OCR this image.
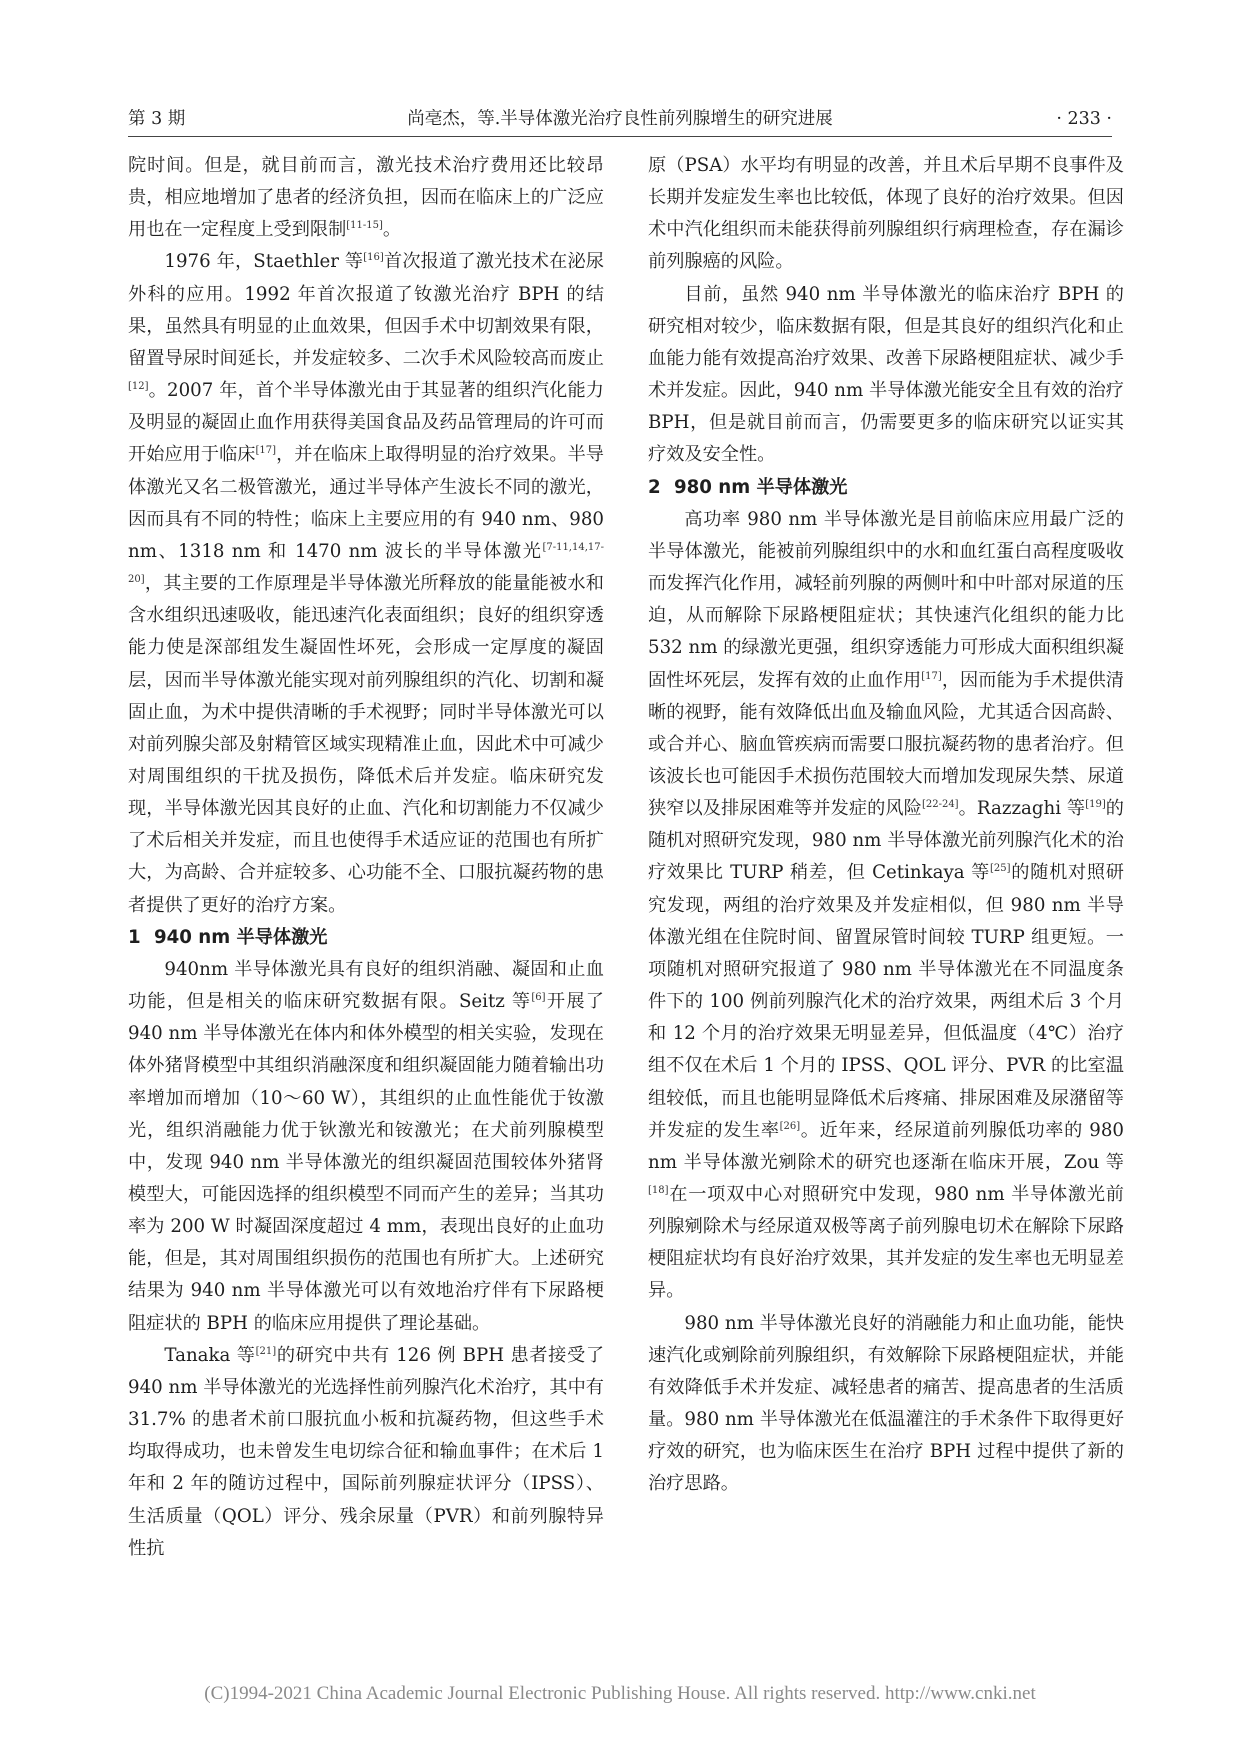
第 3 期	尚亳杰，等.半导体激光治疗良性前列腺增生的研究进展	· 233 ·

院时间。但是，就目前而言，激光技术治疗费用还比较昂贵，相应地增加了患者的经济负担，因而在临床上的广泛应用也在一定程度上受到限制[11-15]。

1976 年，Staethler 等[16]首次报道了激光技术在泌尿外科的应用。1992 年首次报道了钕激光治疗 BPH 的结果，虽然具有明显的止血效果，但因手术中切割效果有限，留置导尿时间延长，并发症较多、二次手术风险较高而废止[12]。2007 年，首个半导体激光由于其显著的组织汽化能力及明显的凝固止血作用获得美国食品及药品管理局的许可而开始应用于临床[17]，并在临床上取得明显的治疗效果。半导体激光又名二极管激光，通过半导体产生波长不同的激光，因而具有不同的特性；临床上主要应用的有 940 nm、980 nm、1318 nm 和 1470 nm 波长的半导体激光[7-11,14,17-20]，其主要的工作原理是半导体激光所释放的能量能被水和含水组织迅速吸收，能迅速汽化表面组织；良好的组织穿透能力使是深部组发生凝固性坏死，会形成一定厚度的凝固层，因而半导体激光能实现对前列腺组织的汽化、切割和凝固止血，为术中提供清晰的手术视野；同时半导体激光可以对前列腺尖部及射精管区域实现精准止血，因此术中可减少对周围组织的干扰及损伤，降低术后并发症。临床研究发现，半导体激光因其良好的止血、汽化和切割能力不仅减少了术后相关并发症，而且也使得手术适应证的范围也有所扩大，为高龄、合并症较多、心功能不全、口服抗凝药物的患者提供了更好的治疗方案。

1 940 nm 半导体激光

940nm 半导体激光具有良好的组织消融、凝固和止血功能，但是相关的临床研究数据有限。Seitz 等[6]开展了 940 nm 半导体激光在体内和体外模型的相关实验，发现在体外猪肾模型中其组织消融深度和组织凝固能力随着输出功率增加而增加（10～60 W），其组织的止血性能优于钕激光，组织消融能力优于钬激光和铵激光；在犬前列腺模型中，发现 940 nm 半导体激光的组织凝固范围较体外猪肾模型大，可能因选择的组织模型不同而产生的差异；当其功率为 200 W 时凝固深度超过 4 mm，表现出良好的止血功能，但是，其对周围组织损伤的范围也有所扩大。上述研究结果为 940 nm 半导体激光可以有效地治疗伴有下尿路梗阻症状的 BPH 的临床应用提供了理论基础。

Tanaka 等[21]的研究中共有 126 例 BPH 患者接受了 940 nm 半导体激光的光选择性前列腺汽化术治疗，其中有 31.7% 的患者术前口服抗血小板和抗凝药物，但这些手术均取得成功，也未曾发生电切综合征和输血事件；在术后 1 年和 2 年的随访过程中，国际前列腺症状评分（IPSS）、生活质量（QOL）评分、残余尿量（PVR）和前列腺特异性抗

原（PSA）水平均有明显的改善，并且术后早期不良事件及长期并发症发生率也比较低，体现了良好的治疗效果。但因术中汽化组织而未能获得前列腺组织行病理检查，存在漏诊前列腺癌的风险。

目前，虽然 940 nm 半导体激光的临床治疗 BPH 的研究相对较少，临床数据有限，但是其良好的组织汽化和止血能力能有效提高治疗效果、改善下尿路梗阻症状、减少手术并发症。因此，940 nm 半导体激光能安全且有效的治疗 BPH，但是就目前而言，仍需要更多的临床研究以证实其疗效及安全性。

2 980 nm 半导体激光

高功率 980 nm 半导体激光是目前临床应用最广泛的半导体激光，能被前列腺组织中的水和血红蛋白高程度吸收而发挥汽化作用，减轻前列腺的两侧叶和中叶部对尿道的压迫，从而解除下尿路梗阻症状；其快速汽化组织的能力比 532 nm 的绿激光更强，组织穿透能力可形成大面积组织凝固性坏死层，发挥有效的止血作用[17]，因而能为手术提供清晰的视野，能有效降低出血及输血风险，尤其适合因高龄、或合并心、脑血管疾病而需要口服抗凝药物的患者治疗。但该波长也可能因手术损伤范围较大而增加发现尿失禁、尿道狭窄以及排尿困难等并发症的风险[22-24]。Razzaghi 等[19]的随机对照研究发现，980 nm 半导体激光前列腺汽化术的治疗效果比 TURP 稍差，但 Cetinkaya 等[25]的随机对照研究发现，两组的治疗效果及并发症相似，但 980 nm 半导体激光组在住院时间、留置尿管时间较 TURP 组更短。一项随机对照研究报道了 980 nm 半导体激光在不同温度条件下的 100 例前列腺汽化术的治疗效果，两组术后 3 个月和 12 个月的治疗效果无明显差异，但低温度（4℃）治疗组不仅在术后 1 个月的 IPSS、QOL 评分、PVR 的比室温组较低，而且也能明显降低术后疼痛、排尿困难及尿潴留等并发症的发生率[26]。近年来，经尿道前列腺低功率的 980 nm 半导体激光剜除术的研究也逐渐在临床开展，Zou 等[18]在一项双中心对照研究中发现，980 nm 半导体激光前列腺剜除术与经尿道双极等离子前列腺电切术在解除下尿路梗阻症状均有良好治疗效果，其并发症的发生率也无明显差异。

980 nm 半导体激光良好的消融能力和止血功能，能快速汽化或剜除前列腺组织，有效解除下尿路梗阻症状，并能有效降低手术并发症、减轻患者的痛苦、提高患者的生活质量。980 nm 半导体激光在低温灌注的手术条件下取得更好疗效的研究，也为临床医生在治疗 BPH 过程中提供了新的治疗思路。

(C)1994-2021 China Academic Journal Electronic Publishing House. All rights reserved. http://www.cnki.net
